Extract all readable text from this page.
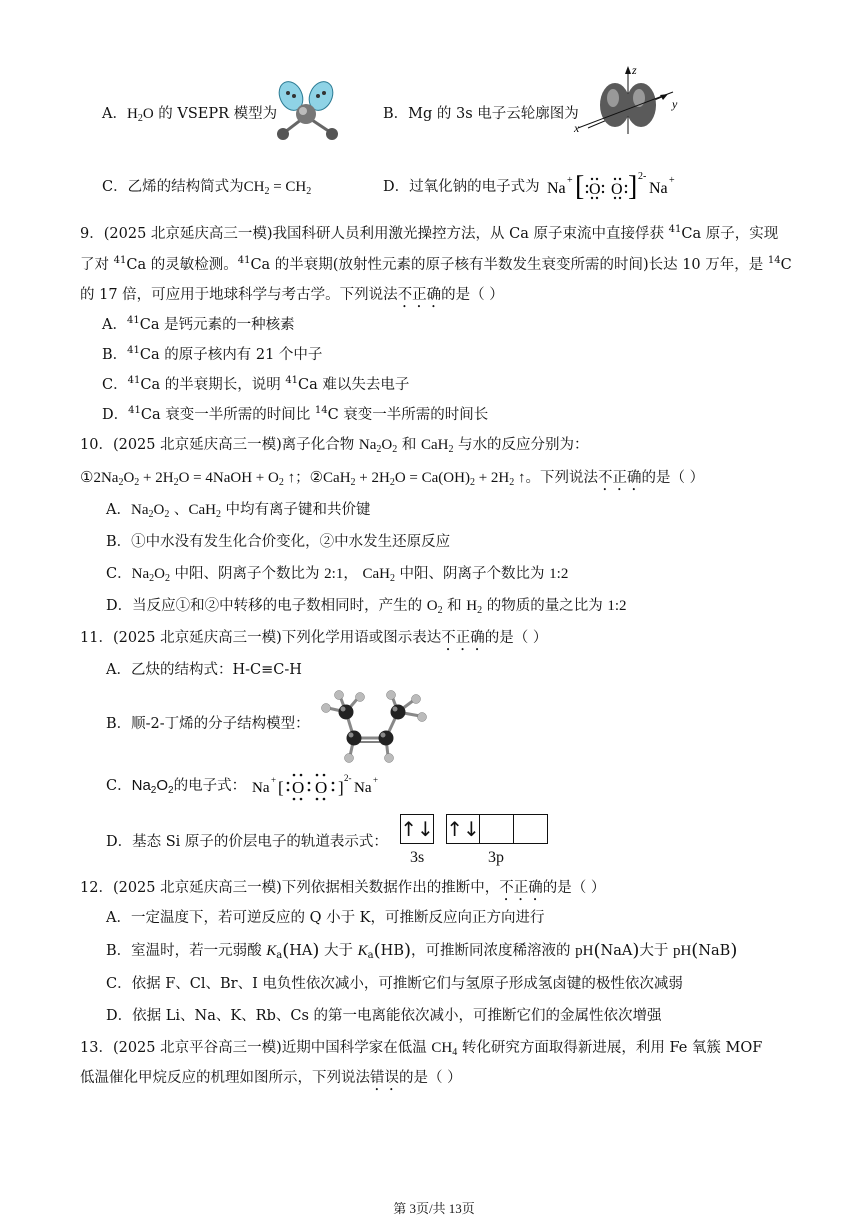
A．$H_2O$ 的 VSEPR 模型为	B．Mg 的 3s 电子云轮廓图为
z
y
x
C．乙烯的结构简式为$CH_2 = CH_2$	D．过氧化钠的电子式为 Na + [ O O ] 2-
Na +
9．(2025 北京延庆高三一模)我国科研人员利用激光操控方法，从 Ca 原子束流中直接俘获 $^{41}$Ca 原子，实现
了对 $^{41}$Ca 的灵敏检测。$^{41}$Ca 的半衰期(放射性元素的原子核有半数发生衰变所需的时间)长达 10 万年，是 $^{14}$C
的 17 倍，可应用于地球科学与考古学。下列说法不正确的是（ ）
A．$^{41}$Ca 是钙元素的一种核素
B．$^{41}$Ca 的原子核内有 21 个中子
C．$^{41}$Ca 的半衰期长，说明 $^{41}$Ca 难以失去电子
D．$^{41}$Ca 衰变一半所需的时间比 $^{14}$C 衰变一半所需的时间长
10．(2025 北京延庆高三一模)离子化合物 $Na_2O_2$ 和 CaH$_2$ 与水的反应分别为：
$①2Na_2O_2 + 2H_2O$ = 4NaOH + $O_2$ ↑；②CaH$_2$ + $2H_2O = Ca(OH)_2 + 2H_2$ ↑。下列说法不正确的是（ ）
A．$Na_2O_2$ 、CaH$_2$ 中均有离子键和共价键
B．①中水没有发生化合价变化，②中水发生还原反应
C．$Na_2O_2$ 中阳、阴离子个数比为 2:1， CaH$_2$ 中阳、阴离子个数比为 1:2
D．当反应①和②中转移的电子数相同时，产生的 $O_2$ 和 $H_2$ 的物质的量之比为 1:2
11．(2025 北京延庆高三一模)下列化学用语或图示表达不正确的是（ ）
A．乙炔的结构式：H-C≡C-H
B．顺-2-丁烯的分子结构模型：
C．$Na_2O_2$的电子式： Na + [ O O ] 2-
Na +
D．基态 Si 原子的价层电子的轨道表示式：
↑↓ ↑↓
3s	3p
12．(2025 北京延庆高三一模)下列依据相关数据作出的推断中，不正确的是（ ）
A．一定温度下，若可逆反应的 Q 小于 K，可推断反应向正方向进行
B．室温时，若一元弱酸 $K_a(HA)$ 大于 $K_a(HB)$，可推断同浓度稀溶液的 pH(NaA)大于 pH(NaB)
C．依据 F、Cl、Br、I 电负性依次减小，可推断它们与氢原子形成氢卤键的极性依次减弱
D．依据 Li、Na、K、Rb、Cs 的第一电离能依次减小，可推断它们的金属性依次增强
13．(2025 北京平谷高三一模)近期中国科学家在低温 $CH_4$ 转化研究方面取得新进展，利用 Fe 氧簇 MOF
低温催化甲烷反应的机理如图所示，下列说法错误的是（ ）
第 3页/共 13页
